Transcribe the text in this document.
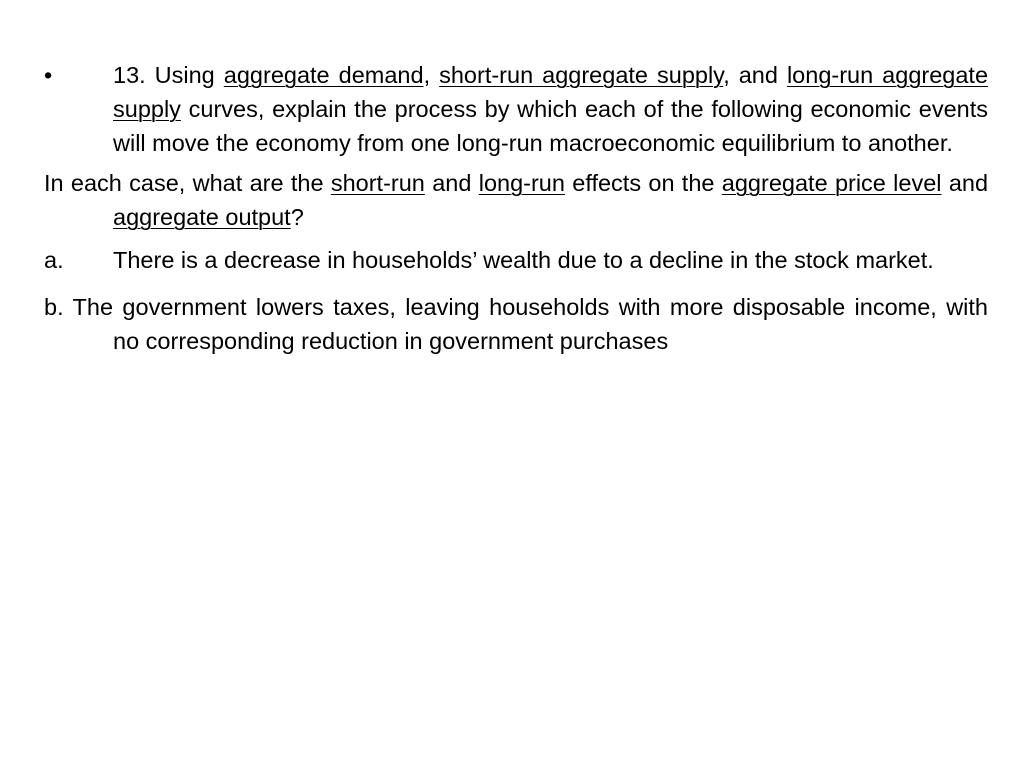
•	13. Using aggregate demand, short-run aggregate supply, and long-run aggregate supply curves, explain the process by which each of the following economic events will move the economy from one long-run macroeconomic equilibrium to another.

In each case, what are the short-run and long-run effects on the aggregate price level and aggregate output?

a. There is a decrease in households’ wealth due to a decline in the stock market.

b. The government lowers taxes, leaving households with more disposable income, with no corresponding reduction in government purchases
